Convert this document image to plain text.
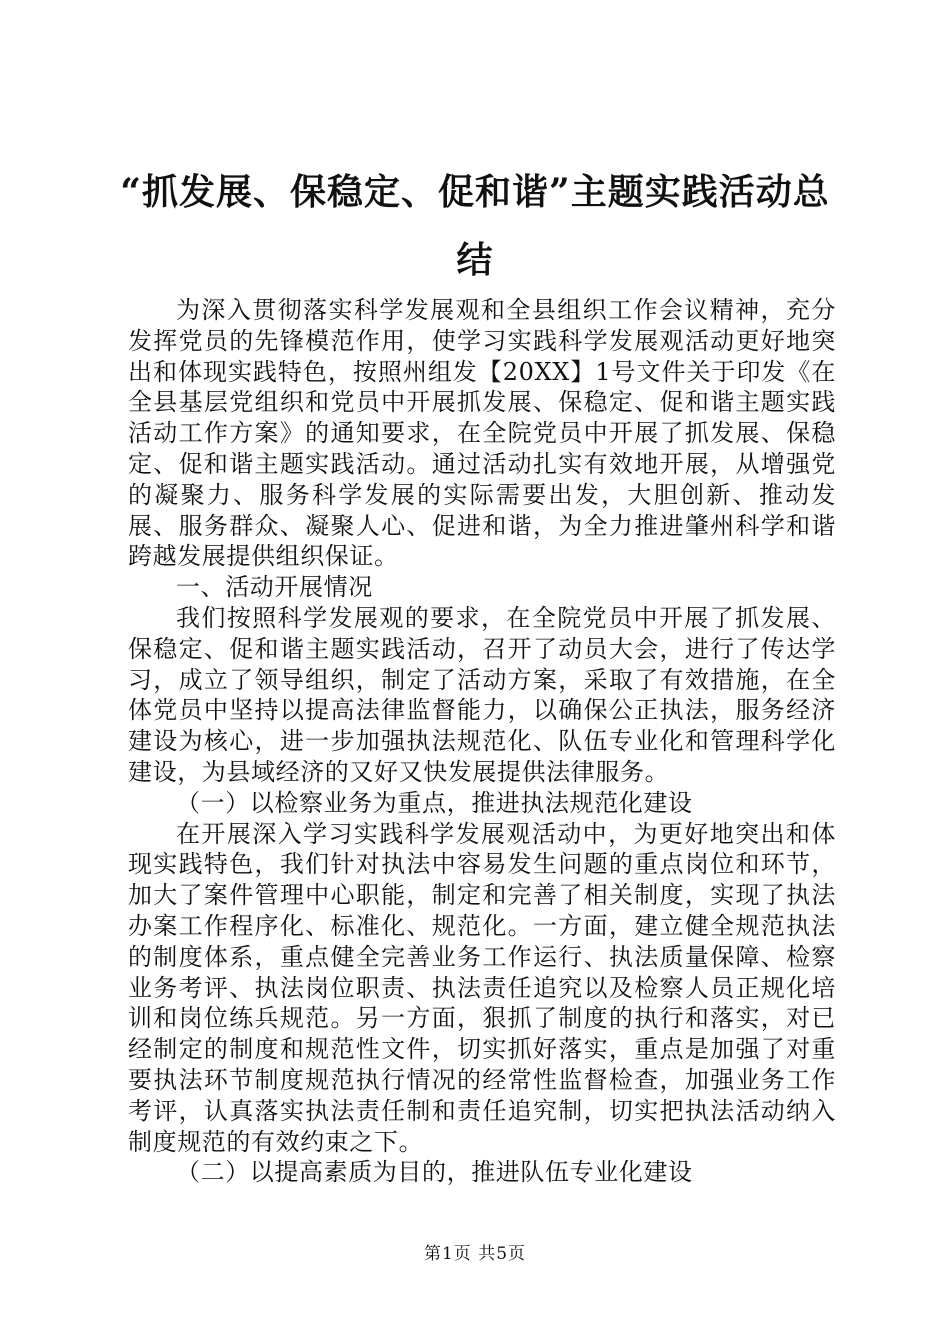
“抓发展、保稳定、促和谐”主题实践活动总结

为深入贯彻落实科学发展观和全县组织工作会议精神，充分发挥党员的先锋模范作用，使学习实践科学发展观活动更好地突出和体现实践特色，按照州组发【20XX】1号文件关于印发《在全县基层党组织和党员中开展抓发展、保稳定、促和谐主题实践活动工作方案》的通知要求，在全院党员中开展了抓发展、保稳定、促和谐主题实践活动。通过活动扎实有效地开展，从增强党的凝聚力、服务科学发展的实际需要出发，大胆创新、推动发展、服务群众、凝聚人心、促进和谐，为全力推进肇州科学和谐跨越发展提供组织保证。

一、活动开展情况

我们按照科学发展观的要求，在全院党员中开展了抓发展、保稳定、促和谐主题实践活动，召开了动员大会，进行了传达学习，成立了领导组织，制定了活动方案，采取了有效措施，在全体党员中坚持以提高法律监督能力，以确保公正执法，服务经济建设为核心，进一步加强执法规范化、队伍专业化和管理科学化建设，为县域经济的又好又快发展提供法律服务。

（一）以检察业务为重点，推进执法规范化建设

在开展深入学习实践科学发展观活动中，为更好地突出和体现实践特色，我们针对执法中容易发生问题的重点岗位和环节，加大了案件管理中心职能，制定和完善了相关制度，实现了执法办案工作程序化、标准化、规范化。一方面，建立健全规范执法的制度体系，重点健全完善业务工作运行、执法质量保障、检察业务考评、执法岗位职责、执法责任追究以及检察人员正规化培训和岗位练兵规范。另一方面，狠抓了制度的执行和落实，对已经制定的制度和规范性文件，切实抓好落实，重点是加强了对重要执法环节制度规范执行情况的经常性监督检查，加强业务工作考评，认真落实执法责任制和责任追究制，切实把执法活动纳入制度规范的有效约束之下。

（二）以提高素质为目的，推进队伍专业化建设

第1页 共5页
